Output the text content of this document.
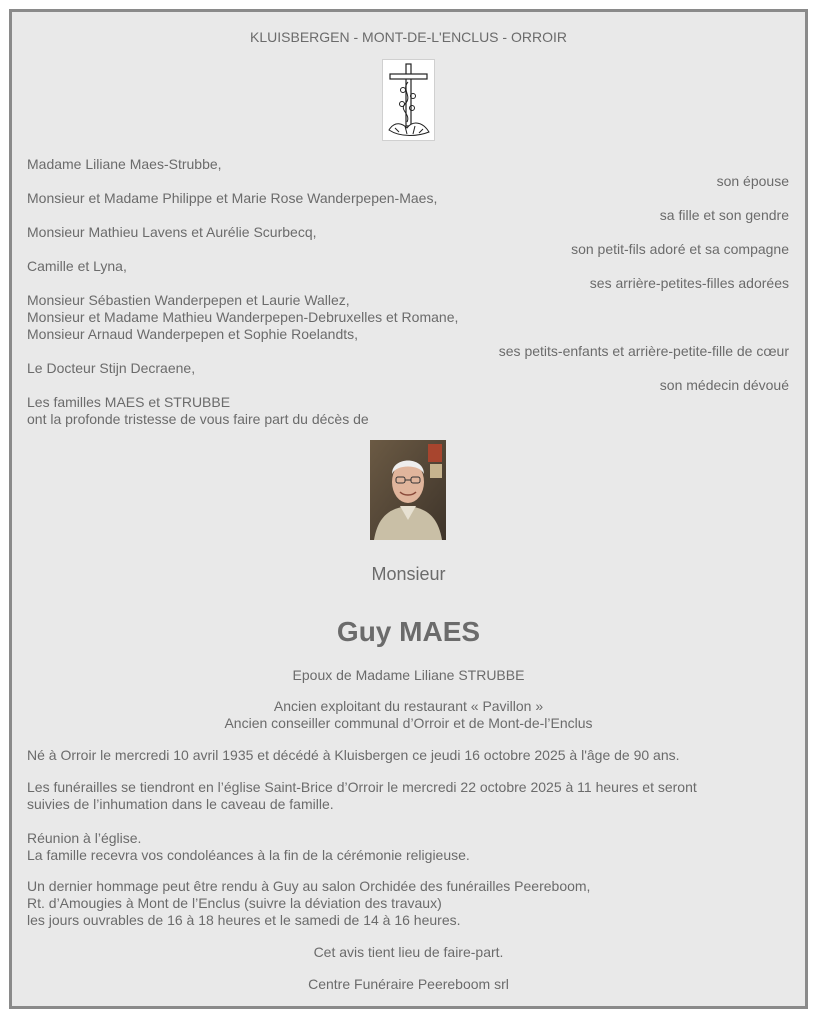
KLUISBERGEN - MONT-DE-L'ENCLUS - ORROIR
Madame Liliane Maes-Strubbe,
son épouse
Monsieur et Madame Philippe et Marie Rose Wanderpepen-Maes,
sa fille et son gendre
Monsieur Mathieu Lavens et Aurélie Scurbecq,
son petit-fils adoré et sa compagne
Camille et Lyna,
ses arrière-petites-filles adorées
Monsieur Sébastien Wanderpepen et Laurie Wallez,
Monsieur et Madame Mathieu Wanderpepen-Debruxelles et Romane,
Monsieur Arnaud Wanderpepen et Sophie Roelandts,
ses petits-enfants et arrière-petite-fille de cœur
Le Docteur Stijn Decraene,
son médecin dévoué
Les familles MAES et STRUBBE
ont la profonde tristesse de vous faire part du décès de
Monsieur
Guy MAES
Epoux de Madame Liliane STRUBBE
Ancien exploitant du restaurant « Pavillon »
Ancien conseiller communal d’Orroir et de Mont-de-l’Enclus
Né à Orroir le mercredi 10 avril 1935 et décédé à Kluisbergen ce jeudi 16 octobre 2025 à l'âge de 90 ans.
Les funérailles se tiendront en l’église Saint-Brice d’Orroir le mercredi 22 octobre 2025 à 11 heures et seront
suivies de l’inhumation dans le caveau de famille.
Réunion à l’église.
La famille recevra vos condoléances à la fin de la cérémonie religieuse.
Un dernier hommage peut être rendu à Guy au salon Orchidée des funérailles Peereboom,
Rt. d’Amougies à Mont de l’Enclus (suivre la déviation des travaux)
les jours ouvrables de 16 à 18 heures et le samedi de 14 à 16 heures.
Cet avis tient lieu de faire-part.
Centre Funéraire Peereboom srl
